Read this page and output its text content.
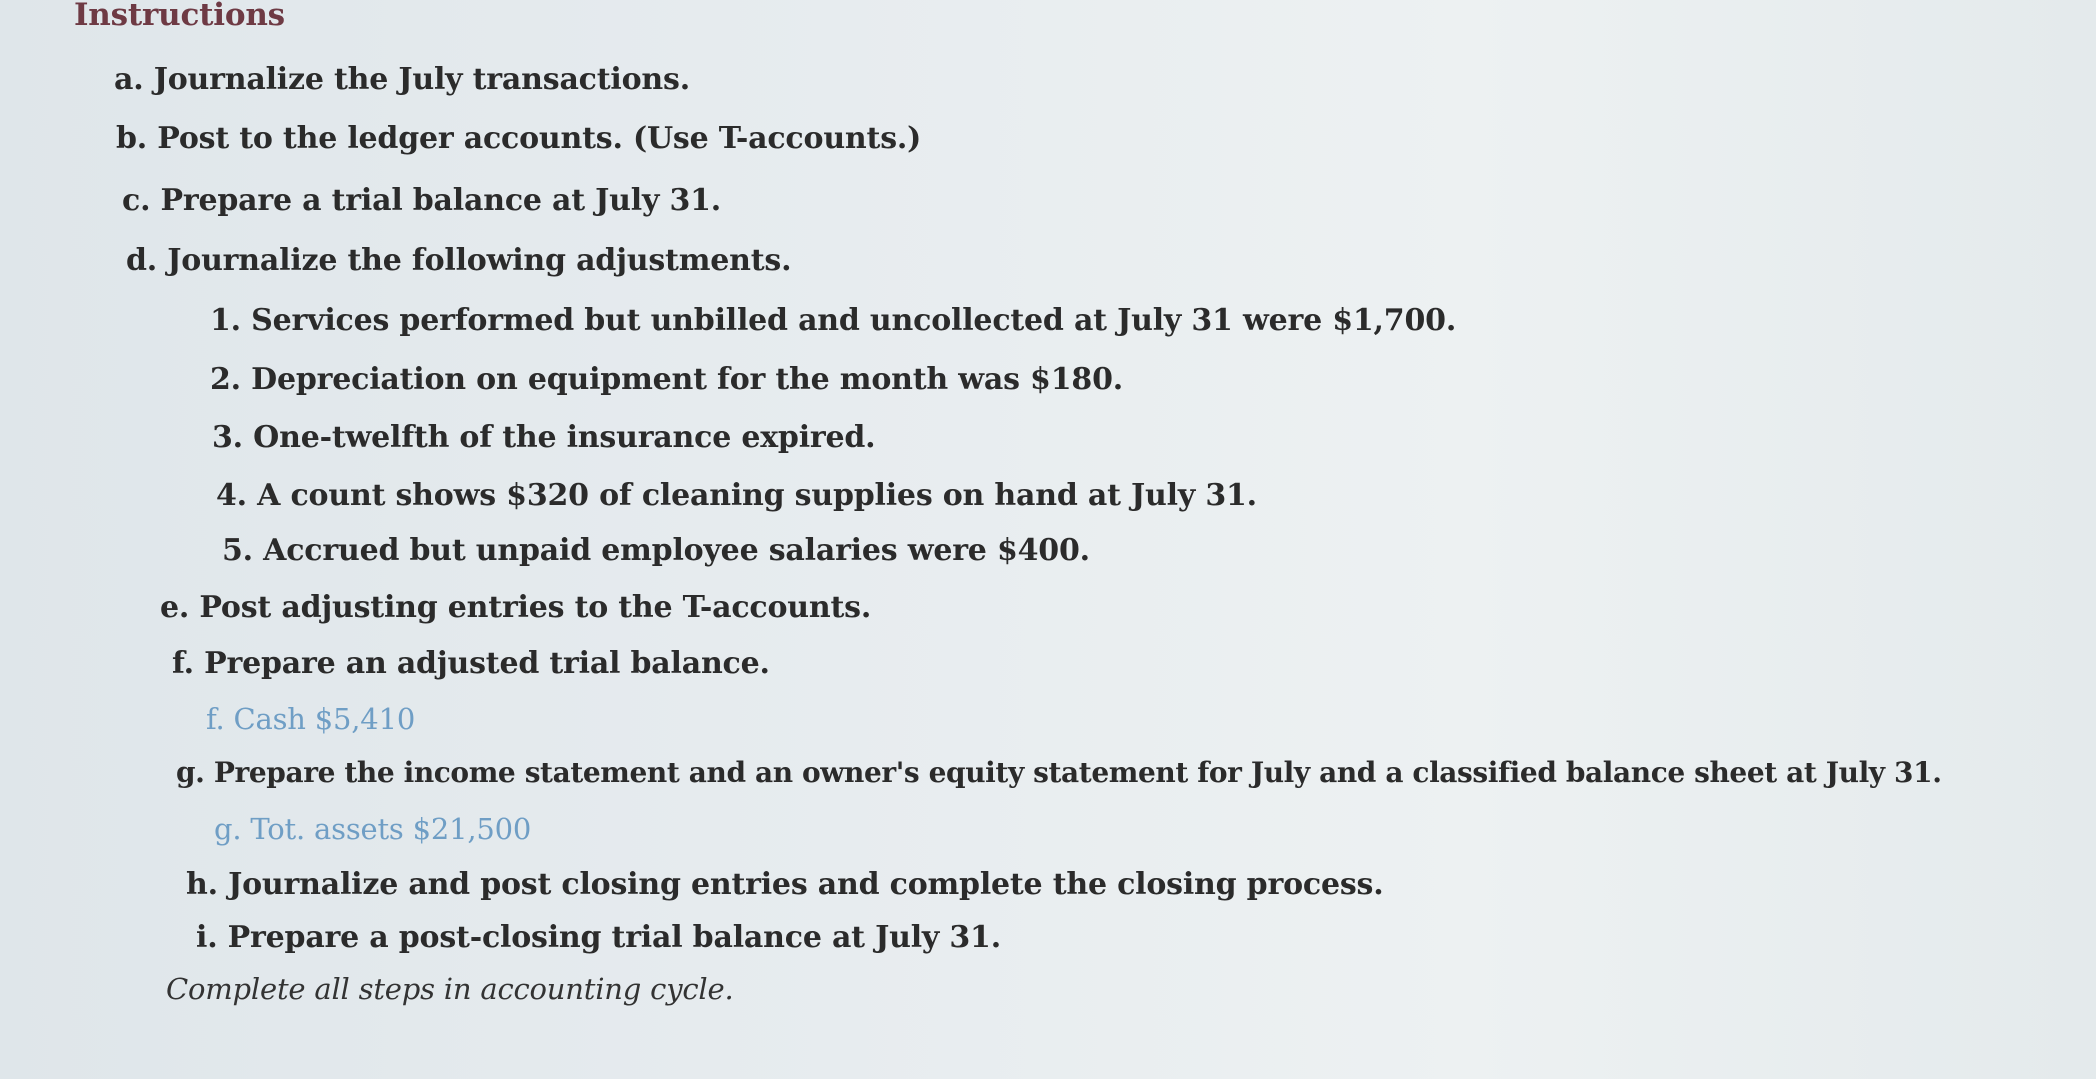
Instructions
a. Journalize the July transactions.
b. Post to the ledger accounts. (Use T-accounts.)
c. Prepare a trial balance at July 31.
d. Journalize the following adjustments.
1. Services performed but unbilled and uncollected at July 31 were $1,700.
2. Depreciation on equipment for the month was $180.
3. One-twelfth of the insurance expired.
4. A count shows $320 of cleaning supplies on hand at July 31.
5. Accrued but unpaid employee salaries were $400.
e. Post adjusting entries to the T-accounts.
f. Prepare an adjusted trial balance.
f. Cash $5,410
g. Prepare the income statement and an owner's equity statement for July and a classified balance sheet at July 31.
g. Tot. assets $21,500
h. Journalize and post closing entries and complete the closing process.
i. Prepare a post-closing trial balance at July 31.
Complete all steps in accounting cycle.
